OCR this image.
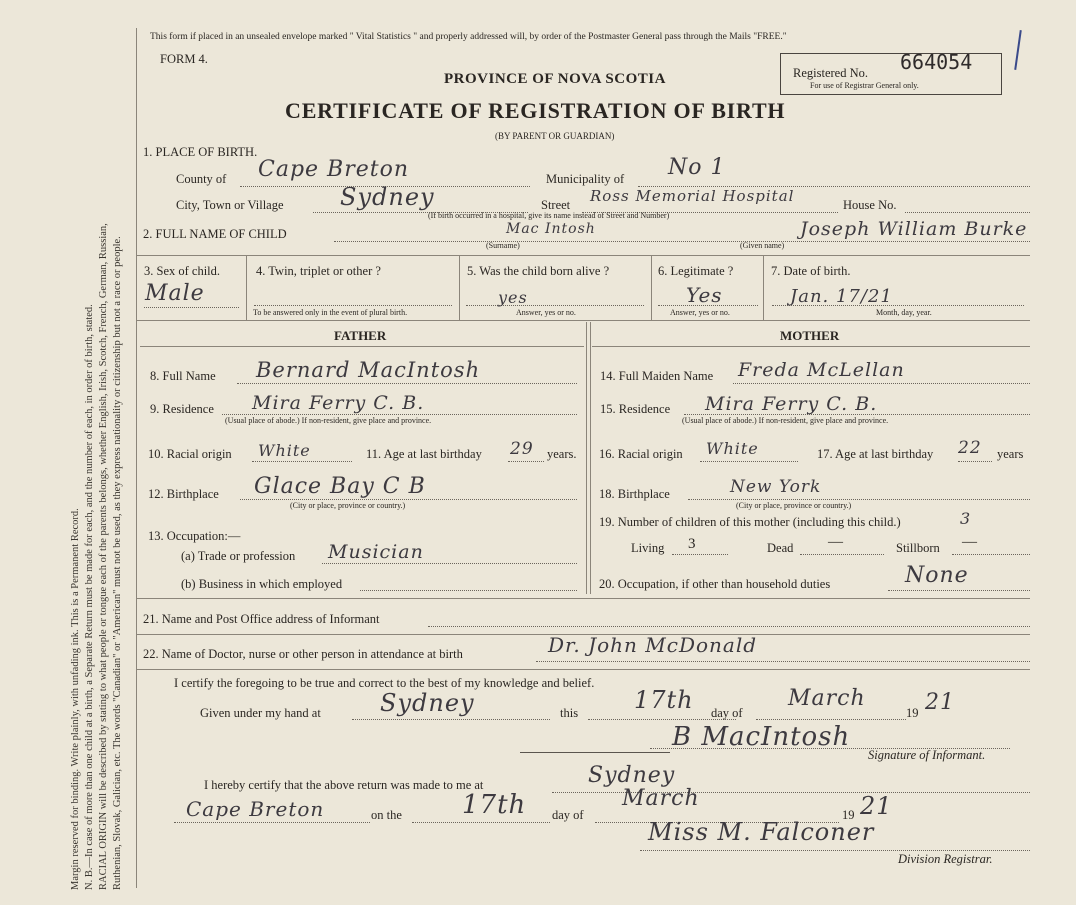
Margin reserved for binding. Write plainly, with unfading ink. This is a Permanent Record. N. B.—In case of more than one child at a birth, a Separate Return must be made for each, and the number of each, in order of birth, stated. RACIAL ORIGIN will be described by stating to what people or tongue each of the parents belongs, whether English, Irish, Scotch, French, German, Russian, Ruthenian, Slovak, Galician, etc. The words "Canadian" or "American" must not be used, as they express nationality or citizenship but not a race or people.
This form if placed in an unsealed envelope marked " Vital Statistics " and properly addressed will, by order of the Postmaster General pass through the Mails "FREE."
FORM 4.
PROVINCE OF NOVA SCOTIA
CERTIFICATE OF REGISTRATION OF BIRTH
(BY PARENT OR GUARDIAN)
Registered No. 664054
For use of Registrar General only.
1. PLACE OF BIRTH.
County of Cape Breton	Municipality of No 1
City, Town or Village Sydney	Street Ross Memorial Hospital	House No.
(If birth occurred in a hospital, give its name instead of Street and Number)
2. FULL NAME OF CHILD	Mac Intosh	Joseph William Burke
(Surname)	(Given name)
3. Sex of child.
Male
4. Twin, triplet or other ?
To be answered only in the event of plural birth.
5. Was the child born alive ?
yes
Answer, yes or no.
6. Legitimate ?
Yes
Answer, yes or no.
7. Date of birth.
Jan. 17/21
Month, day, year.
FATHER	MOTHER
8. Full Name Bernard MacIntosh
9. Residence Mira Ferry C. B.
(Usual place of abode.) If non-resident, give place and province.
10. Racial origin White	11. Age at last birthday 29 years.
12. Birthplace Glace Bay C B
(City or place, province or country.)
13. Occupation:—
(a) Trade or profession Musician
(b) Business in which employed
14. Full Maiden Name Freda McLellan
15. Residence Mira Ferry C. B.
(Usual place of abode.) If non-resident, give place and province.
16. Racial origin White	17. Age at last birthday 22 years
18. Birthplace	New York
(City or place, province or country.)
19. Number of children of this mother (including this child.)	3
Living 3	Dead —	Stillborn —
20. Occupation, if other than household duties	None
21. Name and Post Office address of Informant
22. Name of Doctor, nurse or other person in attendance at birth	Dr. John McDonald
I certify the foregoing to be true and correct to the best of my knowledge and belief.
Given under my hand at Sydney	this 17th day of
March
19 21
B MacIntosh
Signature of Informant.
I hereby certify that the above return was made to me at	Sydney
Cape Breton	on the 17th day of
March
19 21
Miss M. Falconer
Division Registrar.
